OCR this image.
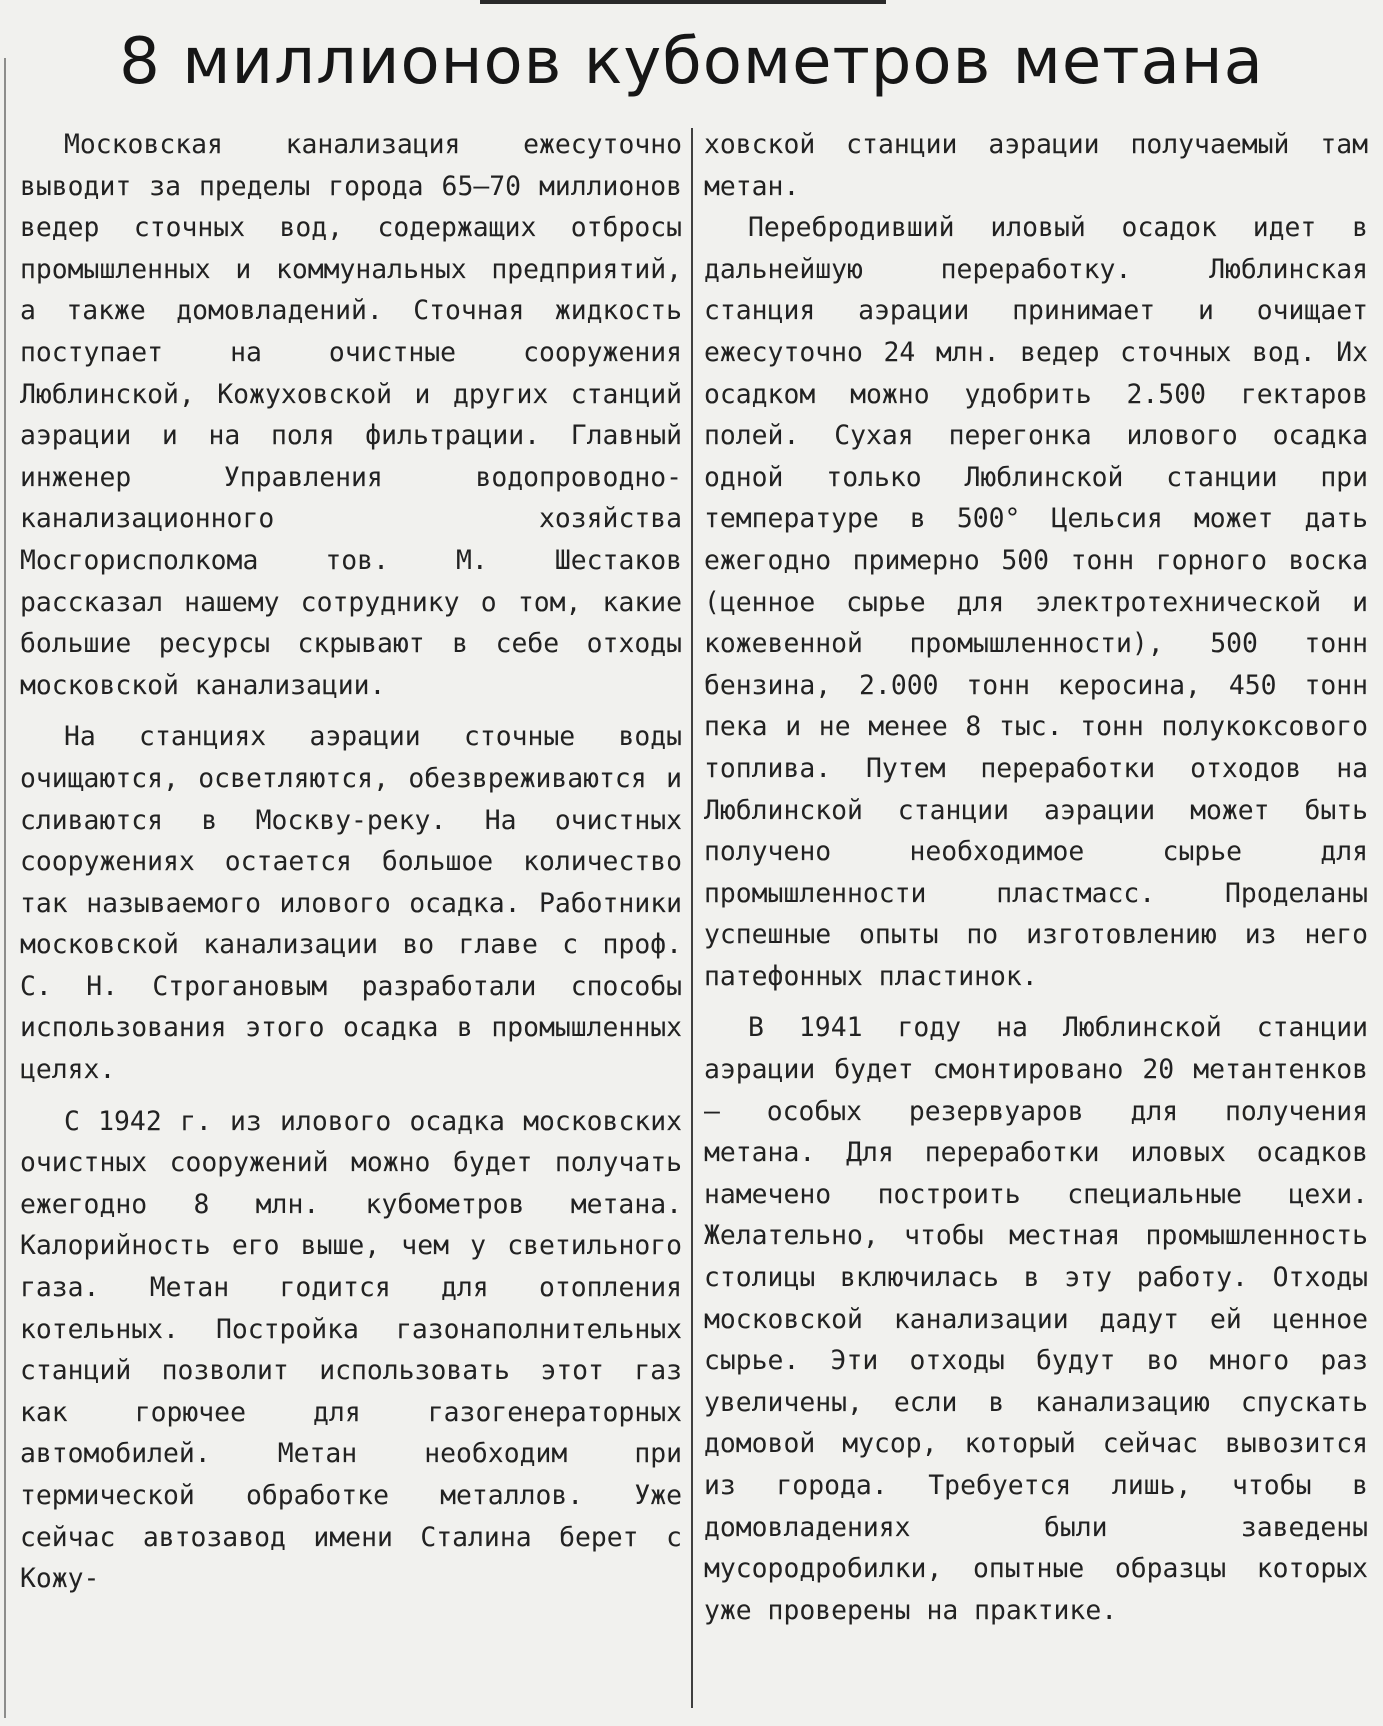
8 миллионов кубометров метана

Московская канализация ежесуточно выводит за пределы города 65—70 миллионов ведер сточных вод, содержащих отбросы промышленных и коммунальных предприятий, а также домовладений. Сточная жидкость поступает на очистные сооружения Люблинской, Кожуховской и других станций аэрации и на поля фильтрации. Главный инженер Управления водопроводно-канализационного хозяйства Мосгорисполкома тов. М. Шестаков рассказал нашему сотруднику о том, какие большие ресурсы скрывают в себе отходы московской канализации.

На станциях аэрации сточные воды очищаются, осветляются, обезвреживаются и сливаются в Москву-реку. На очистных сооружениях остается большое количество так называемого илового осадка. Работники московской канализации во главе с проф. С. Н. Строгановым разработали способы использования этого осадка в промышленных целях.

С 1942 г. из илового осадка московских очистных сооружений можно будет получать ежегодно 8 млн. кубометров метана. Калорийность его выше, чем у светильного газа. Метан годится для отопления котельных. Постройка газонаполнительных станций позволит использовать этот газ как горючее для газогенераторных автомобилей. Метан необходим при термической обработке металлов. Уже сейчас автозавод имени Сталина берет с Кожу-

ховской станции аэрации получаемый там метан.

Перебродивший иловый осадок идет в дальнейшую переработку. Люблинская станция аэрации принимает и очищает ежесуточно 24 млн. ведер сточных вод. Их осадком можно удобрить 2.500 гектаров полей. Сухая перегонка илового осадка одной только Люблинской станции при температуре в 500° Цельсия может дать ежегодно примерно 500 тонн горного воска (ценное сырье для электротехнической и кожевенной промышленности), 500 тонн бензина, 2.000 тонн керосина, 450 тонн пека и не менее 8 тыс. тонн полукоксового топлива. Путем переработки отходов на Люблинской станции аэрации может быть получено необходимое сырье для промышленности пластмасс. Проделаны успешные опыты по изготовлению из него патефонных пластинок.

В 1941 году на Люблинской станции аэрации будет смонтировано 20 метантенков — особых резервуаров для получения метана. Для переработки иловых осадков намечено построить специальные цехи. Желательно, чтобы местная промышленность столицы включилась в эту работу. Отходы московской канализации дадут ей ценное сырье. Эти отходы будут во много раз увеличены, если в канализацию спускать домовой мусор, который сейчас вывозится из города. Требуется лишь, чтобы в домовладениях были заведены мусородробилки, опытные образцы которых уже проверены на практике.
